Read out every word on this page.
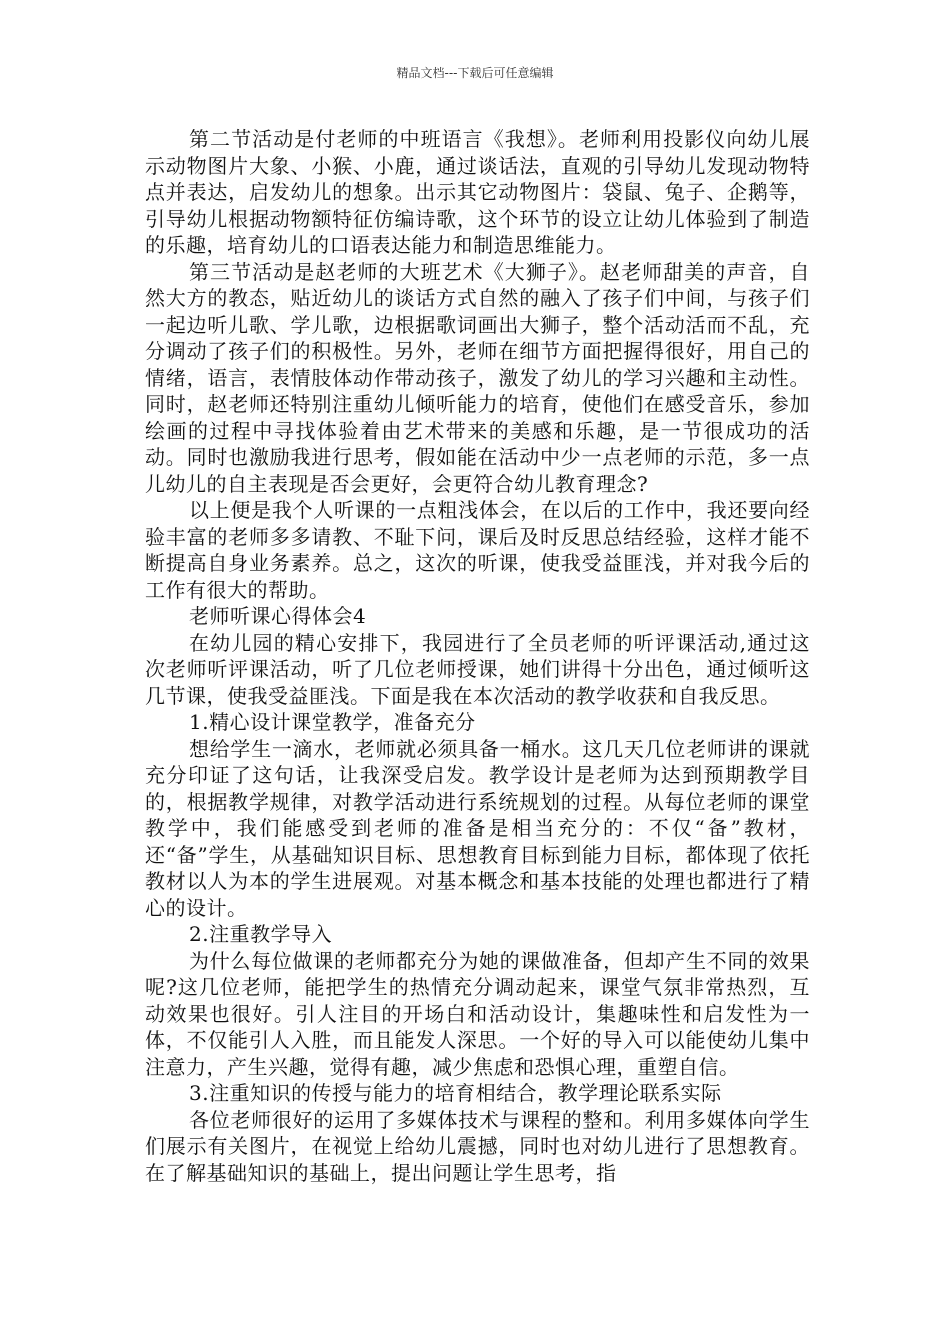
精品文档---下载后可任意编辑

第二节活动是付老师的中班语言《我想》。老师利用投影仪向幼儿展示动物图片大象、小猴、小鹿，通过谈话法，直观的引导幼儿发现动物特点并表达，启发幼儿的想象。出示其它动物图片：袋鼠、兔子、企鹅等，引导幼儿根据动物额特征仿编诗歌，这个环节的设立让幼儿体验到了制造的乐趣，培育幼儿的口语表达能力和制造思维能力。

第三节活动是赵老师的大班艺术《大狮子》。赵老师甜美的声音，自然大方的教态，贴近幼儿的谈话方式自然的融入了孩子们中间，与孩子们一起边听儿歌、学儿歌，边根据歌词画出大狮子，整个活动活而不乱，充分调动了孩子们的积极性。另外，老师在细节方面把握得很好，用自己的情绪，语言，表情肢体动作带动孩子，激发了幼儿的学习兴趣和主动性。同时，赵老师还特别注重幼儿倾听能力的培育，使他们在感受音乐，参加绘画的过程中寻找体验着由艺术带来的美感和乐趣，是一节很成功的活动。同时也激励我进行思考，假如能在活动中少一点老师的示范，多一点儿幼儿的自主表现是否会更好，会更符合幼儿教育理念?

以上便是我个人听课的一点粗浅体会，在以后的工作中，我还要向经验丰富的老师多多请教、不耻下问，课后及时反思总结经验，这样才能不断提高自身业务素养。总之，这次的听课，使我受益匪浅，并对我今后的工作有很大的帮助。

老师听课心得体会4

在幼儿园的精心安排下，我园进行了全员老师的听评课活动,通过这次老师听评课活动，听了几位老师授课，她们讲得十分出色，通过倾听这几节课，使我受益匪浅。下面是我在本次活动的教学收获和自我反思。

1.精心设计课堂教学，准备充分

想给学生一滴水，老师就必须具备一桶水。这几天几位老师讲的课就充分印证了这句话，让我深受启发。教学设计是老师为达到预期教学目的，根据教学规律，对教学活动进行系统规划的过程。从每位老师的课堂教学中，我们能感受到老师的准备是相当充分的：不仅“备”教材，还“备”学生，从基础知识目标、思想教育目标到能力目标，都体现了依托教材以人为本的学生进展观。对基本概念和基本技能的处理也都进行了精心的设计。

2.注重教学导入

为什么每位做课的老师都充分为她的课做准备，但却产生不同的效果呢?这几位老师，能把学生的热情充分调动起来，课堂气氛非常热烈，互动效果也很好。引人注目的开场白和活动设计，集趣味性和启发性为一体，不仅能引人入胜，而且能发人深思。一个好的导入可以能使幼儿集中注意力，产生兴趣，觉得有趣，减少焦虑和恐惧心理，重塑自信。

3.注重知识的传授与能力的培育相结合，教学理论联系实际

各位老师很好的运用了多媒体技术与课程的整和。利用多媒体向学生们展示有关图片，在视觉上给幼儿震撼，同时也对幼儿进行了思想教育。在了解基础知识的基础上，提出问题让学生思考，指
